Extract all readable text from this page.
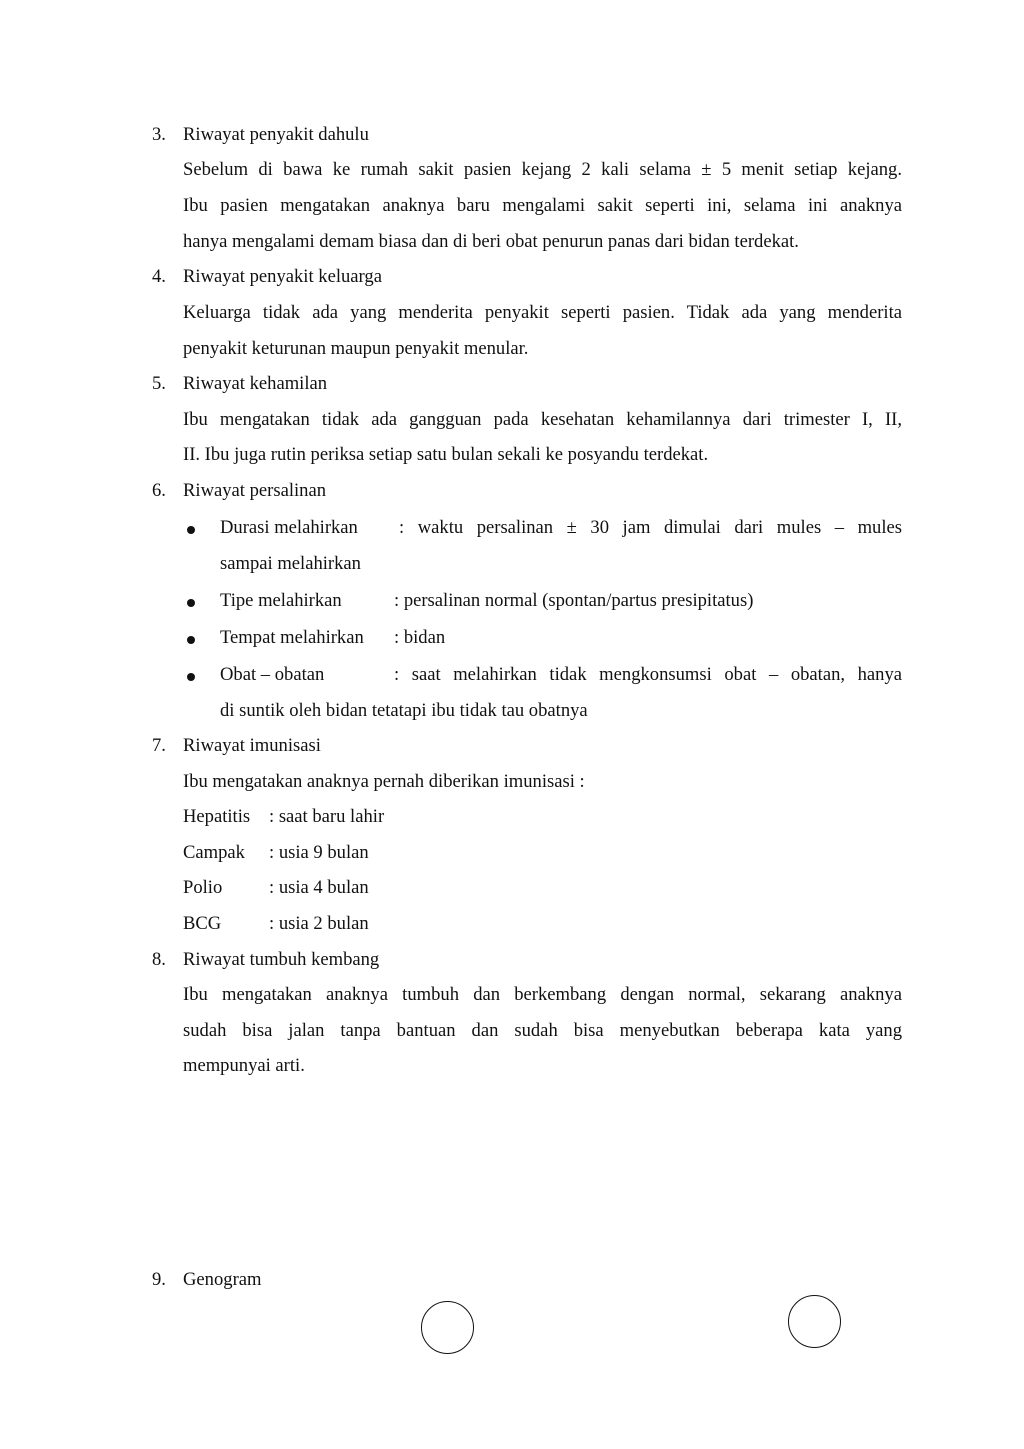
3. Riwayat penyakit dahulu
Sebelum di bawa ke rumah sakit pasien kejang 2 kali selama ± 5 menit setiap kejang.
Ibu pasien mengatakan anaknya baru mengalami sakit seperti ini, selama ini anaknya
hanya mengalami demam biasa dan di beri obat penurun panas dari bidan terdekat.
4. Riwayat penyakit keluarga
Keluarga tidak ada yang menderita penyakit seperti pasien. Tidak ada yang menderita
penyakit keturunan maupun penyakit menular.
5. Riwayat kehamilan
Ibu mengatakan tidak ada gangguan pada kesehatan kehamilannya dari trimester I, II,
II. Ibu juga rutin periksa setiap satu bulan sekali ke posyandu terdekat.
6. Riwayat persalinan
Durasi melahirkan : waktu persalinan ± 30 jam dimulai dari mules – mules
sampai melahirkan
Tipe melahirkan	: persalinan normal (spontan/partus presipitatus)
Tempat melahirkan : bidan
Obat – obatan	: saat melahirkan tidak mengkonsumsi obat – obatan, hanya
di suntik oleh bidan tetatapi ibu tidak tau obatnya
7. Riwayat imunisasi
Ibu mengatakan anaknya pernah diberikan imunisasi :
Hepatitis : saat baru lahir
Campak : usia 9 bulan
Polio	: usia 4 bulan
BCG	: usia 2 bulan
8. Riwayat tumbuh kembang
Ibu mengatakan anaknya tumbuh dan berkembang dengan normal, sekarang anaknya
sudah bisa jalan tanpa bantuan dan sudah bisa menyebutkan beberapa kata yang
mempunyai arti.
9. Genogram
